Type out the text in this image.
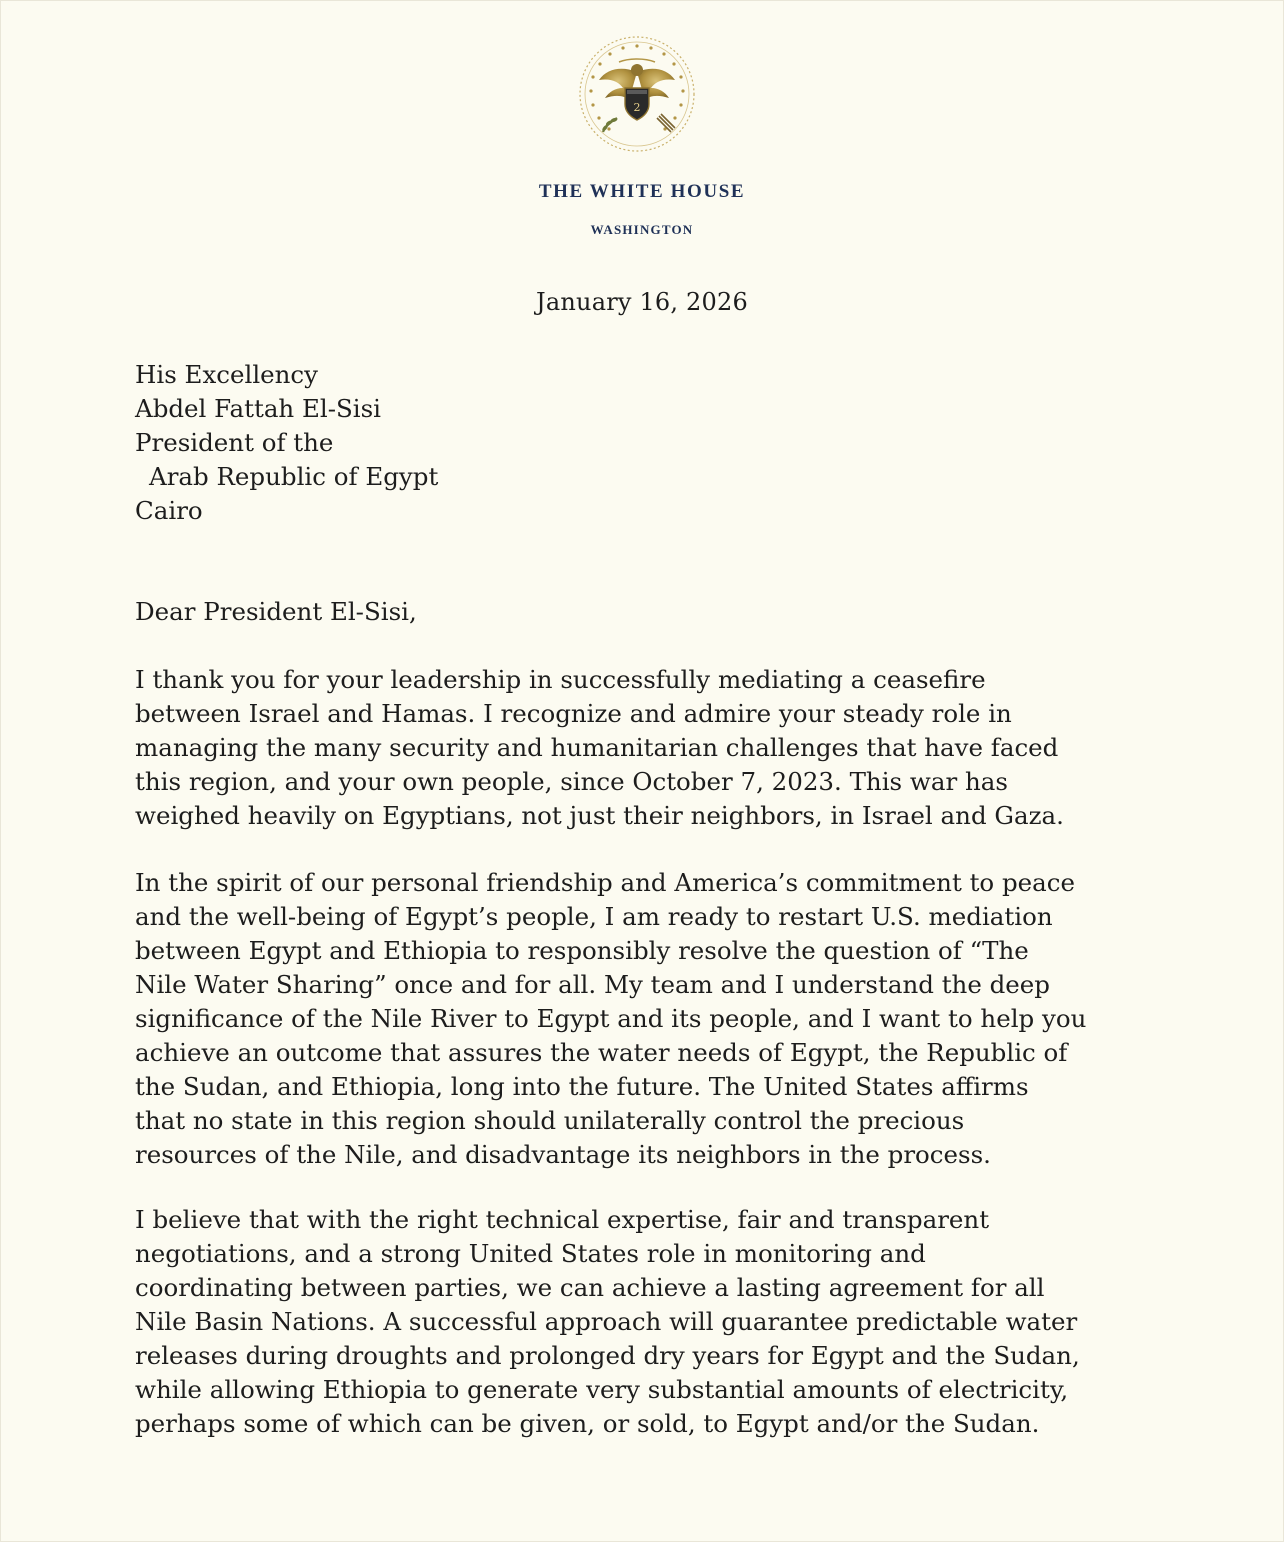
2
THE WHITE HOUSE
WASHINGTON
January 16, 2026
His Excellency
Abdel Fattah El-Sisi
President of the
Arab Republic of Egypt
Cairo
Dear President El-Sisi,

I thank you for your leadership in successfully mediating a ceasefire
between Israel and Hamas. I recognize and admire your steady role in
managing the many security and humanitarian challenges that have faced
this region, and your own people, since October 7, 2023. This war has
weighed heavily on Egyptians, not just their neighbors, in Israel and Gaza.

In the spirit of our personal friendship and America’s commitment to peace
and the well-being of Egypt’s people, I am ready to restart U.S. mediation
between Egypt and Ethiopia to responsibly resolve the question of “The
Nile Water Sharing” once and for all. My team and I understand the deep
significance of the Nile River to Egypt and its people, and I want to help you
achieve an outcome that assures the water needs of Egypt, the Republic of
the Sudan, and Ethiopia, long into the future. The United States affirms
that no state in this region should unilaterally control the precious
resources of the Nile, and disadvantage its neighbors in the process.

I believe that with the right technical expertise, fair and transparent
negotiations, and a strong United States role in monitoring and
coordinating between parties, we can achieve a lasting agreement for all
Nile Basin Nations. A successful approach will guarantee predictable water
releases during droughts and prolonged dry years for Egypt and the Sudan,
while allowing Ethiopia to generate very substantial amounts of electricity,
perhaps some of which can be given, or sold, to Egypt and/or the Sudan.
